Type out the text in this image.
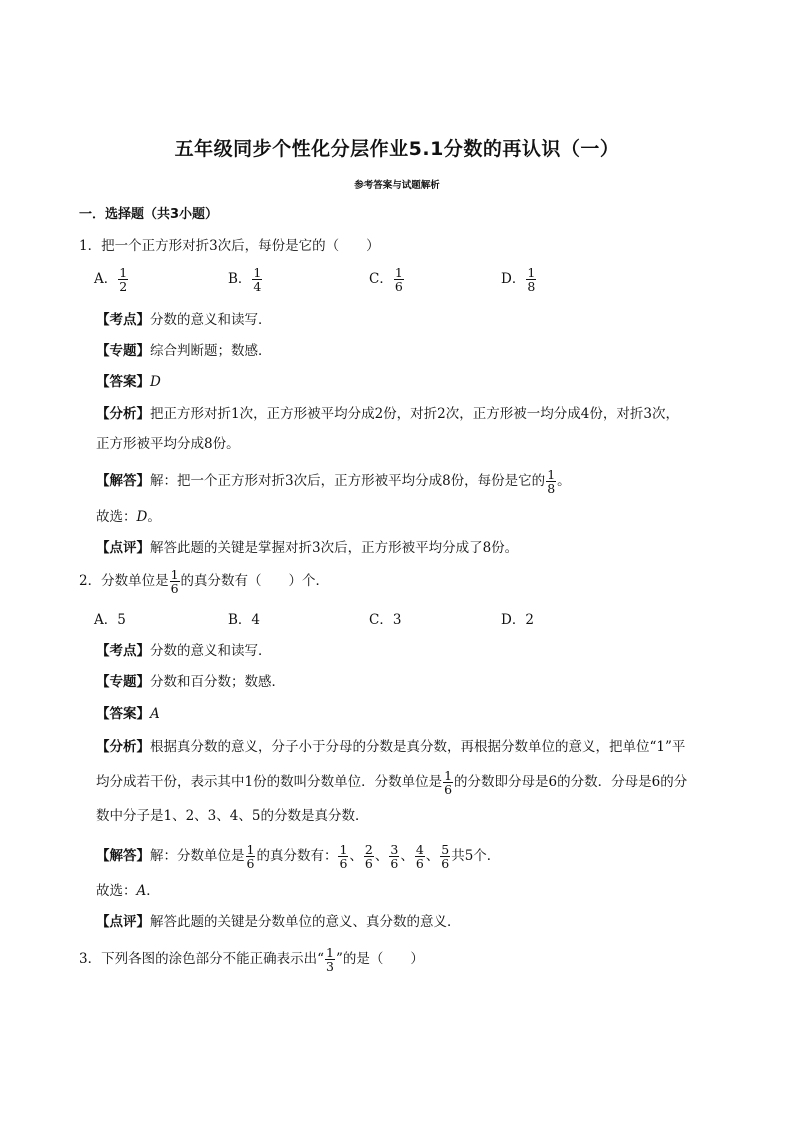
五年级同步个性化分层作业5.1分数的再认识（一）
参考答案与试题解析
一．选择题（共3小题）
1．把一个正方形对折3次后，每份是它的（　　）
A． $\frac{1}{2}$	B． $\frac{1}{4}$	C． $\frac{1}{6}$	D． $\frac{1}{8}$
【考点】分数的意义和读写．
【专题】综合判断题；数感．
【答案】D
【分析】把正方形对折1次，正方形被平均分成2份，对折2次，正方形被一均分成4份，对折3次，
正方形被平均分成8份。
【解答】解：把一个正方形对折3次后，正方形被平均分成8份，每份是它的 $\frac{1}{8}$ 。
故选：D。
【点评】解答此题的关键是掌握对折3次后，正方形被平均分成了8份。
2．分数单位是 $\frac{1}{6}$ 的真分数有（　　）个．
A．5	B．4	C．3	D．2
【考点】分数的意义和读写．
【专题】分数和百分数；数感．
【答案】A
【分析】根据真分数的意义，分子小于分母的分数是真分数，再根据分数单位的意义，把单位“1”平
均分成若干份，表示其中1份的数叫分数单位．分数单位是 $\frac{1}{6}$ 的分数即分母是6的分数．分母是6的分
数中分子是1、2、3、4、5的分数是真分数．
【解答】解：分数单位是 $\frac{1}{6}$ 的真分数有： $\frac{1}{6}$ 、 $\frac{2}{6}$ 、 $\frac{3}{6}$ 、 $\frac{4}{6}$ 、 $\frac{5}{6}$ 共5个．
故选：A．
【点评】解答此题的关键是分数单位的意义、真分数的意义．
3．下列各图的涂色部分不能正确表示出“ $\frac{1}{3}$ ”的是（　　）
